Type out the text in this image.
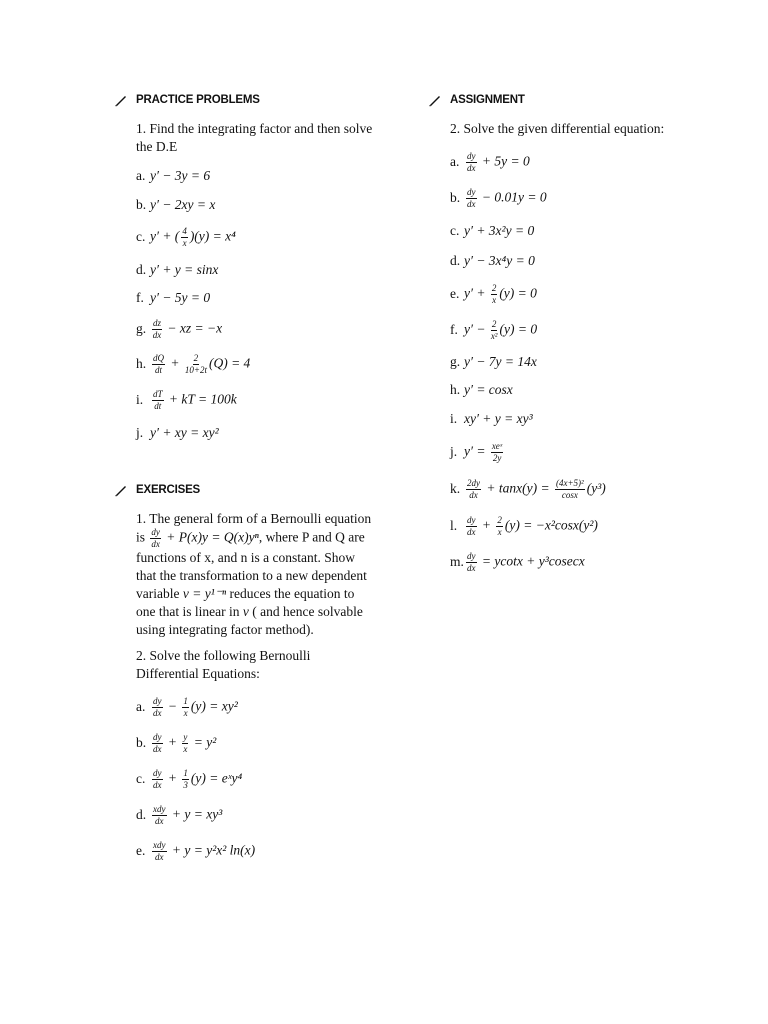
PRACTICE PROBLEMS
1. Find the integrating factor and then solve the D.E
a. y′ − 3y = 6
b. y′ − 2xy = x
c. y′ + ( $\frac{4}{x} )(y) = x^4$
d. y′ + y = sinx
f. y′ − 5y = 0
g. $\frac{dz}{dx}$ − xz = −x
h. $\frac{dQ}{dt} + \frac{2}{10+2t} (Q) = 4$
i. $\frac{dT}{dt}$ + kT = 100k
j. y′ + xy = xy²
EXERCISES
1. The general form of a Bernoulli equation is $\frac{dy}{dx} + P(x)y = Q(x)y^n$, where P and Q are functions of x, and n is a constant. Show that the transformation to a new dependent variable v = y¹⁻ⁿ reduces the equation to one that is linear in v ( and hence solvable using integrating factor method).
2. Solve the following Bernoulli Differential Equations:
a. $\frac{dy}{dx} - \frac{1}{x} (y) = xy^2$
b. $\frac{dy}{dx} + \frac{y}{x} = y^2$
c. $\frac{dy}{dx} + \frac{1}{3} (y)$ = eˣy⁴
d. xdy
dx + y = xy³
e. xdy
dx + y = y²x² ln(x)
ASSIGNMENT
2. Solve the given differential equation:
a. $\frac{dy}{dx} + 5y = 0$
b. $\frac{dy}{dx} - 0.01y = 0$
c. y′ + 3x²y = 0
d. y′ − 3x⁴y = 0
e. $y' + \frac{2}{x} (y) = 0$
f. $y' - \frac{2}{\text{x²}} (y) = 0$
g. y′ − 7y = 14x
h. y′ = cosx
i. xy′ + y = xy³
j. y′ = xeˣ
2y
k. $\frac{2dy}{dx} + \tan x(y) = \frac{\text{(4x+5)²}}{\cos x} (y^3)$
l. $\frac{dy}{dx} + \frac{2}{x} (y) = -x^2\cos x(y^2)$
m. $\frac{dy}{dx} = ycotx + y^3cosecx$
